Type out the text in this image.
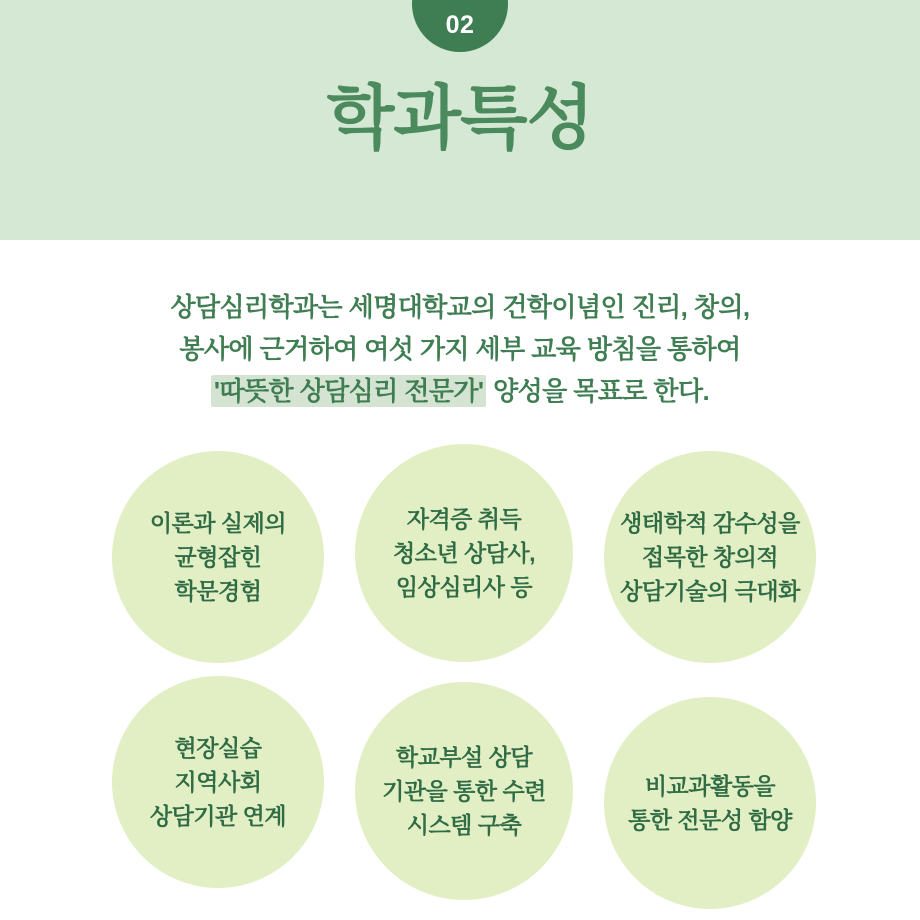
02
학과특성
상담심리학과는 세명대학교의 건학이념인 진리, 창의,
봉사에 근거하여 여섯 가지 세부 교육 방침을 통하여
'따뜻한 상담심리 전문가' 양성을 목표로 한다.
이론과 실제의
균형잡힌
학문경험
자격증 취득
청소년 상담사,
임상심리사 등
생태학적 감수성을
접목한 창의적
상담기술의 극대화
현장실습
지역사회
상담기관 연계
학교부설 상담
기관을 통한 수련
시스템 구축
비교과활동을
통한 전문성 함양
